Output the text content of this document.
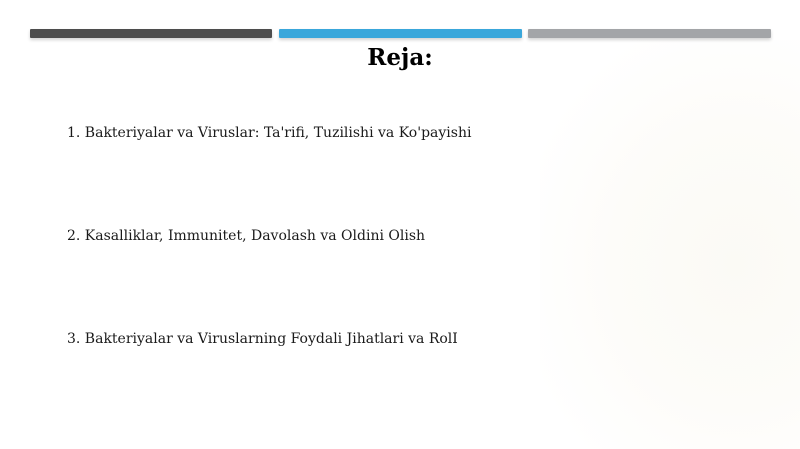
Reja:
1. Bakteriyalar va Viruslar: Ta'rifi, Tuzilishi va Ko'payishi
2. Kasalliklar, Immunitet, Davolash va Oldini Olish
3. Bakteriyalar va Viruslarning Foydali Jihatlari va RolI
